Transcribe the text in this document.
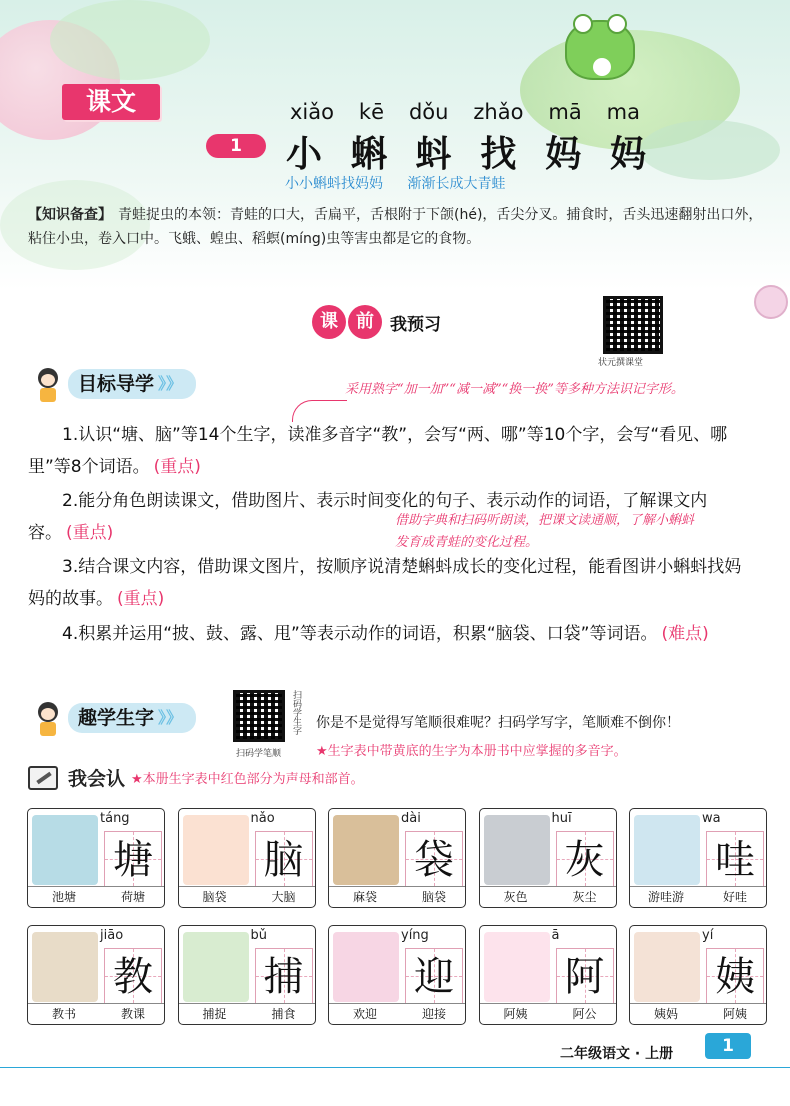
课文
1
xiǎo kē dǒu zhǎo mā ma
小 蝌 蚪 找 妈 妈
小小蝌蚪找妈妈 渐渐长成大青蛙
【知识备查】 青蛙捉虫的本领：青蛙的口大，舌扁平，舌根附于下颌(hé)，舌尖分叉。捕食时，舌头迅速翻射出口外，粘住小虫，卷入口中。飞蛾、蝗虫、稻螟(míng)虫等害虫都是它的食物。
课	前 我预习
状元撰课堂
目标导学 》》	采用熟字“加一加”“减一减”“换一换”等多种方法识记字形。
借助字典和扫码听朗读，把课文读通顺，了解小蝌蚪发育成青蛙的变化过程。

1.认识“塘、脑”等14个生字，读准多音字“教”，会写“两、哪”等10个字，会写“看见、哪里”等8个词语。 (重点)

2.能分角色朗读课文，借助图片、表示时间变化的句子、表示动作的词语，了解课文内容。 (重点)

3.结合课文内容，借助课文图片，按顺序说清楚蝌蚪成长的变化过程，能看图讲小蝌蚪找妈妈的故事。 (重点)

4.积累并运用“披、鼓、露、甩”等表示动作的词语，积累“脑袋、口袋”等词语。 (难点)

趣学生字 》》	扫码学生字
扫码学笔顺
你是不是觉得写笔顺很难呢？扫码学写字，笔顺难不倒你！
★生字表中带黄底的生字为本册书中应掌握的多音字。
我会认 ★本册生字表中红色部分为声母和部首。
táng
塘
池塘	荷塘
nǎo
脑
脑袋	大脑
dài
袋
麻袋	脑袋
huī
灰
灰色	灰尘
wa
哇
游哇游	好哇
jiāo
教
教书	教课
bǔ
捕
捕捉	捕食
yíng
迎
欢迎	迎接
ā
阿
阿姨	阿公
yí
姨
姨妈	阿姨
二年级语文 · 上册	1
